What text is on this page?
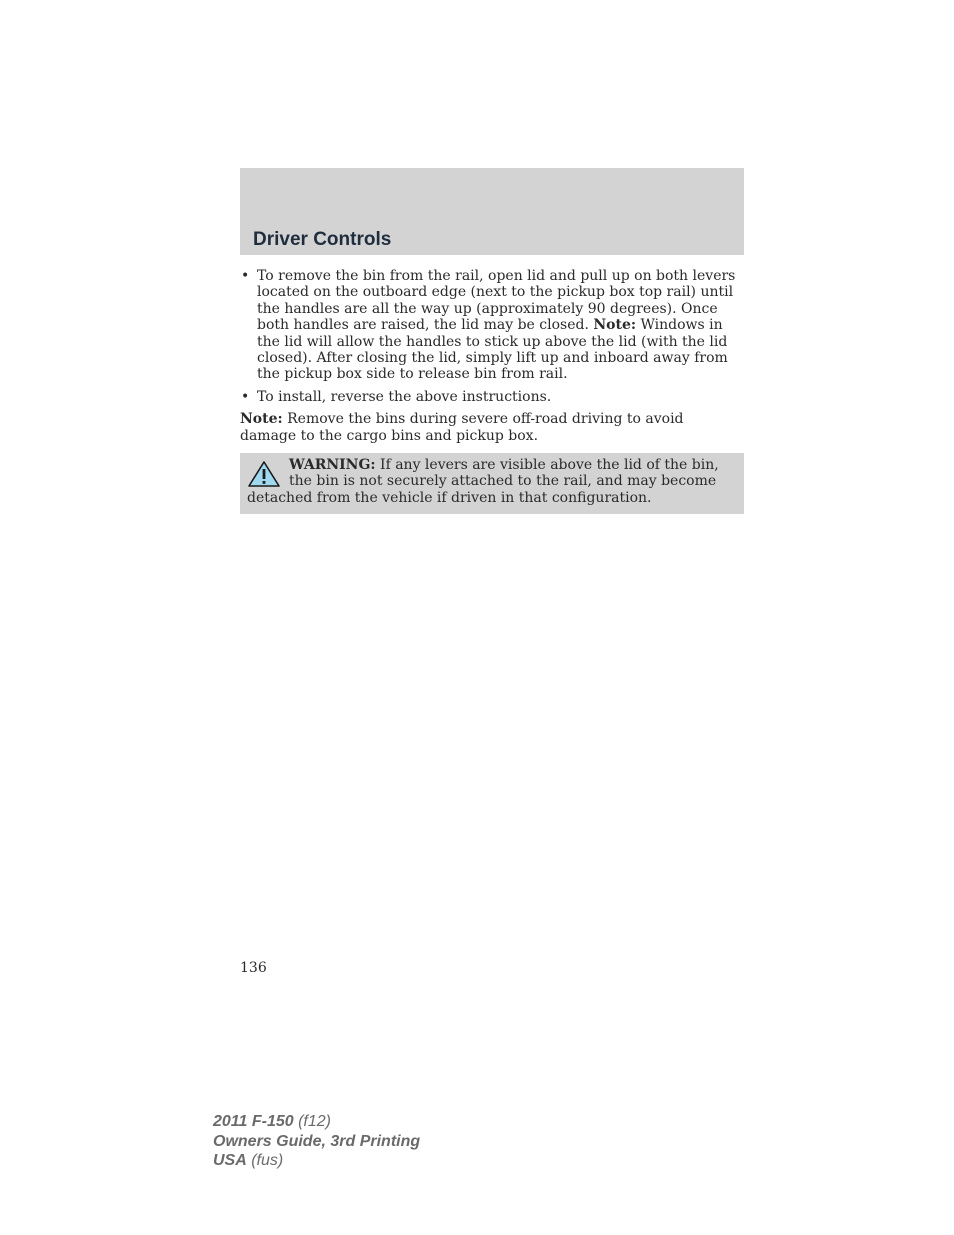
Driver Controls
• To remove the bin from the rail, open lid and pull up on both levers located on the outboard edge (next to the pickup box top rail) until the handles are all the way up (approximately 90 degrees). Once both handles are raised, the lid may be closed. Note: Windows in the lid will allow the handles to stick up above the lid (with the lid closed). After closing the lid, simply lift up and inboard away from the pickup box side to release bin from rail.
• To install, reverse the above instructions.

Note: Remove the bins during severe off-road driving to avoid damage to the cargo bins and pickup box.

WARNING: If any levers are visible above the lid of the bin, the bin is not securely attached to the rail, and may become detached from the vehicle if driven in that configuration.
136
2011 F-150 (f12)
Owners Guide, 3rd Printing
USA (fus)
